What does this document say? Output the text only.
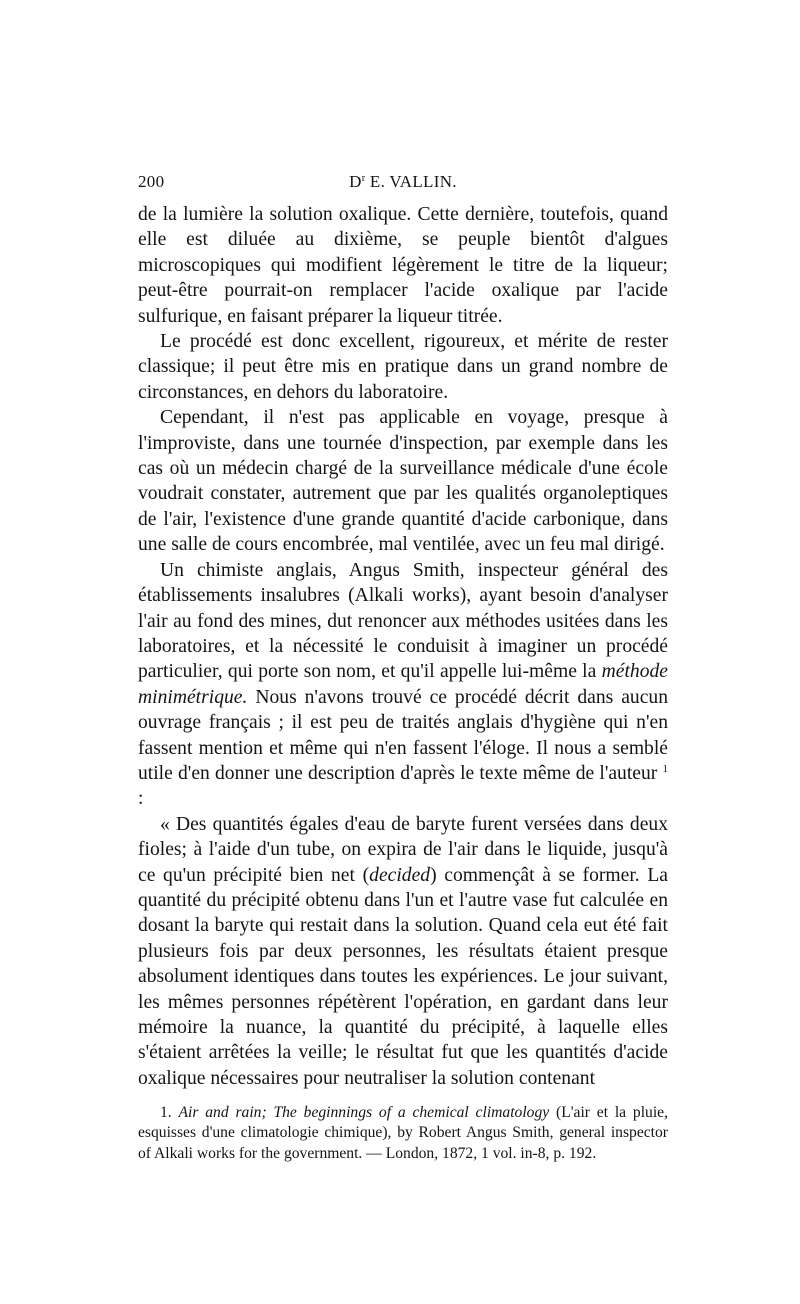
200	$D^r$ E. VALLIN.

de la lumière la solution oxalique. Cette dernière, toutefois, quand elle est diluée au dixième, se peuple bientôt d'algues microscopiques qui modifient légèrement le titre de la liqueur; peut-être pourrait-on remplacer l'acide oxalique par l'acide sulfurique, en faisant préparer la liqueur titrée.

Le procédé est donc excellent, rigoureux, et mérite de rester classique; il peut être mis en pratique dans un grand nombre de circonstances, en dehors du laboratoire.

Cependant, il n'est pas applicable en voyage, presque à l'improviste, dans une tournée d'inspection, par exemple dans les cas où un médecin chargé de la surveillance médicale d'une école voudrait constater, autrement que par les qualités organoleptiques de l'air, l'existence d'une grande quantité d'acide carbonique, dans une salle de cours encombrée, mal ventilée, avec un feu mal dirigé.

Un chimiste anglais, Angus Smith, inspecteur général des établissements insalubres (Alkali works), ayant besoin d'analyser l'air au fond des mines, dut renoncer aux méthodes usitées dans les laboratoires, et la nécessité le conduisit à imaginer un procédé particulier, qui porte son nom, et qu'il appelle lui-même la méthode minimétrique. Nous n'avons trouvé ce procédé décrit dans aucun ouvrage français ; il est peu de traités anglais d'hygiène qui n'en fassent mention et même qui n'en fassent l'éloge. Il nous a semblé utile d'en donner une description d'après le texte même de l'auteur $^1$ :

« Des quantités égales d'eau de baryte furent versées dans deux fioles; à l'aide d'un tube, on expira de l'air dans le liquide, jusqu'à ce qu'un précipité bien net (decided) commençât à se former. La quantité du précipité obtenu dans l'un et l'autre vase fut calculée en dosant la baryte qui restait dans la solution. Quand cela eut été fait plusieurs fois par deux personnes, les résultats étaient presque absolument identiques dans toutes les expériences. Le jour suivant, les mêmes personnes répétèrent l'opération, en gardant dans leur mémoire la nuance, la quantité du précipité, à laquelle elles s'étaient arrêtées la veille; le résultat fut que les quantités d'acide oxalique nécessaires pour neutraliser la solution contenant

1. Air and rain; The beginnings of a chemical climatology (L'air et la pluie, esquisses d'une climatologie chimique), by Robert Angus Smith, general inspector of Alkali works for the government. — London, 1872, 1 vol. in-8, p. 192.
